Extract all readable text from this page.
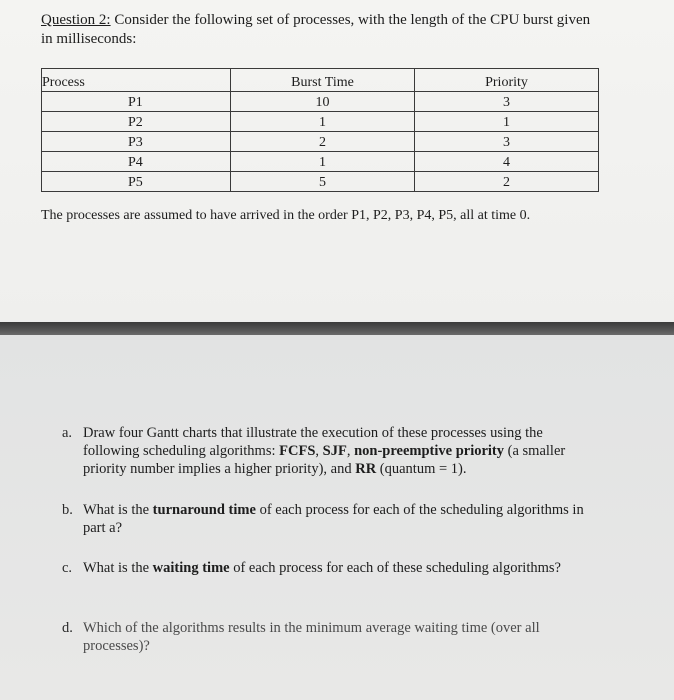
Question 2: Consider the following set of processes, with the length of the CPU burst given in milliseconds:
Process	Burst Time	Priority
P1	10	3
P2	1	1
P3	2	3
P4	1	4
P5	5	2
The processes are assumed to have arrived in the order P1, P2, P3, P4, P5, all at time 0.
a. Draw four Gantt charts that illustrate the execution of these processes using the following scheduling algorithms: FCFS, SJF, non-preemptive priority (a smaller priority number implies a higher priority), and RR (quantum = 1).
b. What is the turnaround time of each process for each of the scheduling algorithms in part a?
c. What is the waiting time of each process for each of these scheduling algorithms?
d. Which of the algorithms results in the minimum average waiting time (over all processes)?
